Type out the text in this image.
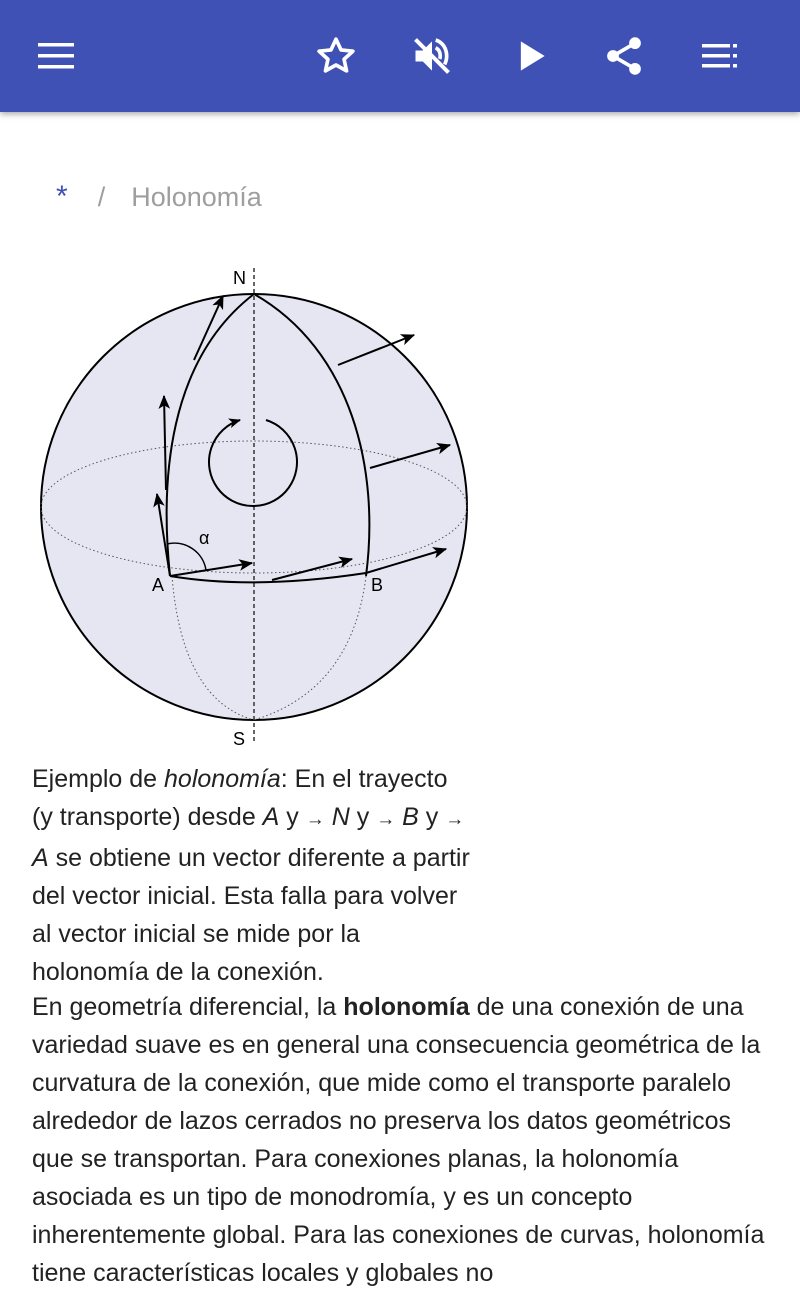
* / Holonomía
N
S
A	B
α
Ejemplo de holonomía: En el trayecto (y transporte) desde A y → N y → B y → A se obtiene un vector diferente a partir del vector inicial. Esta falla para volver al vector inicial se mide por la holonomía de la conexión.
En geometría diferencial, la holonomía de una conexión de una variedad suave es en general una consecuencia geométrica de la curvatura de la conexión, que mide como el transporte paralelo alrededor de lazos cerrados no preserva los datos geométricos que se transportan. Para conexiones planas, la holonomía asociada es un tipo de monodromía, y es un concepto inherentemente global. Para las conexiones de curvas, holonomía tiene características locales y globales no
